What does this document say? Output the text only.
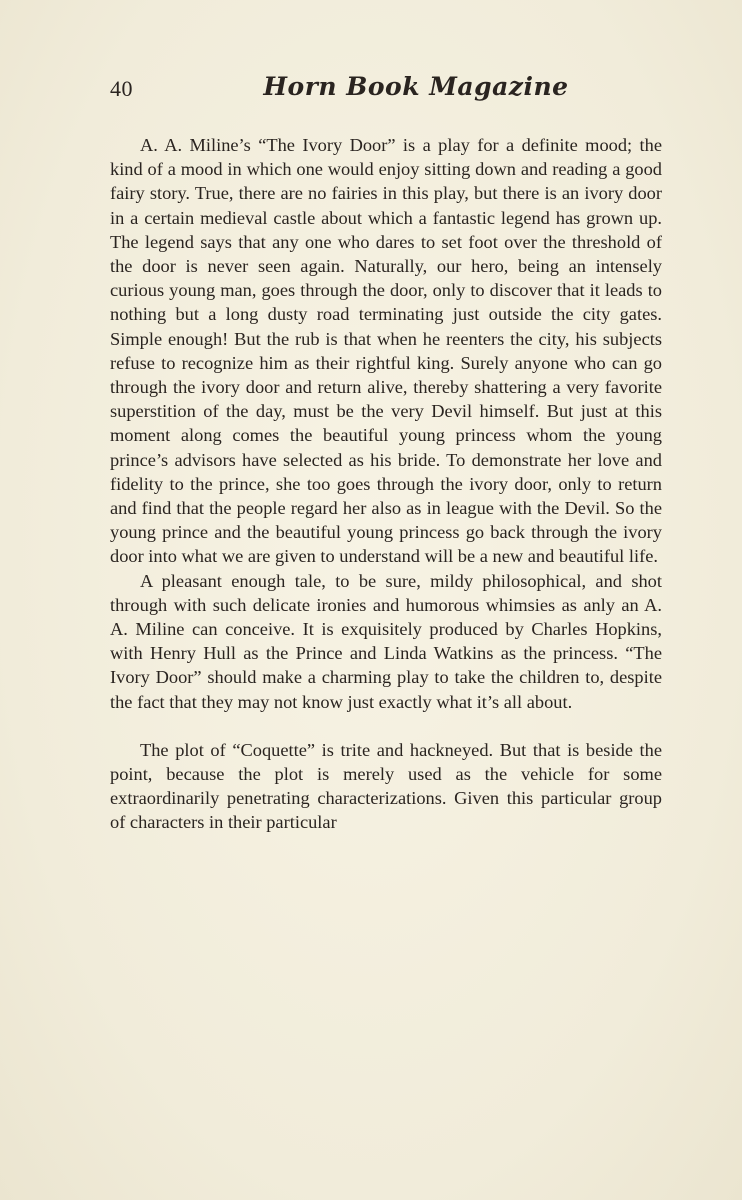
40	Horn Book Magazine

A. A. Miline’s “The Ivory Door” is a play for a definite mood; the kind of a mood in which one would enjoy sitting down and reading a good fairy story. True, there are no fairies in this play, but there is an ivory door in a certain medieval castle about which a fantastic legend has grown up. The legend says that any one who dares to set foot over the threshold of the door is never seen again. Naturally, our hero, being an intensely curious young man, goes through the door, only to discover that it leads to nothing but a long dusty road terminating just outside the city gates. Simple enough! But the rub is that when he reenters the city, his subjects refuse to recognize him as their rightful king. Surely anyone who can go through the ivory door and return alive, thereby shattering a very favorite superstition of the day, must be the very Devil himself. But just at this moment along comes the beautiful young princess whom the young prince’s advisors have selected as his bride. To demonstrate her love and fidelity to the prince, she too goes through the ivory door, only to return and find that the people regard her also as in league with the Devil. So the young prince and the beautiful young princess go back through the ivory door into what we are given to understand will be a new and beautiful life.

A pleasant enough tale, to be sure, mildy philosophical, and shot through with such delicate ironies and humorous whimsies as anly an A. A. Miline can conceive. It is exquisitely produced by Charles Hopkins, with Henry Hull as the Prince and Linda Watkins as the princess. “The Ivory Door” should make a charming play to take the children to, despite the fact that they may not know just exactly what it’s all about.

The plot of “Coquette” is trite and hackneyed. But that is beside the point, because the plot is merely used as the vehicle for some extraordinarily penetrating characterizations. Given this particular group of characters in their particular
